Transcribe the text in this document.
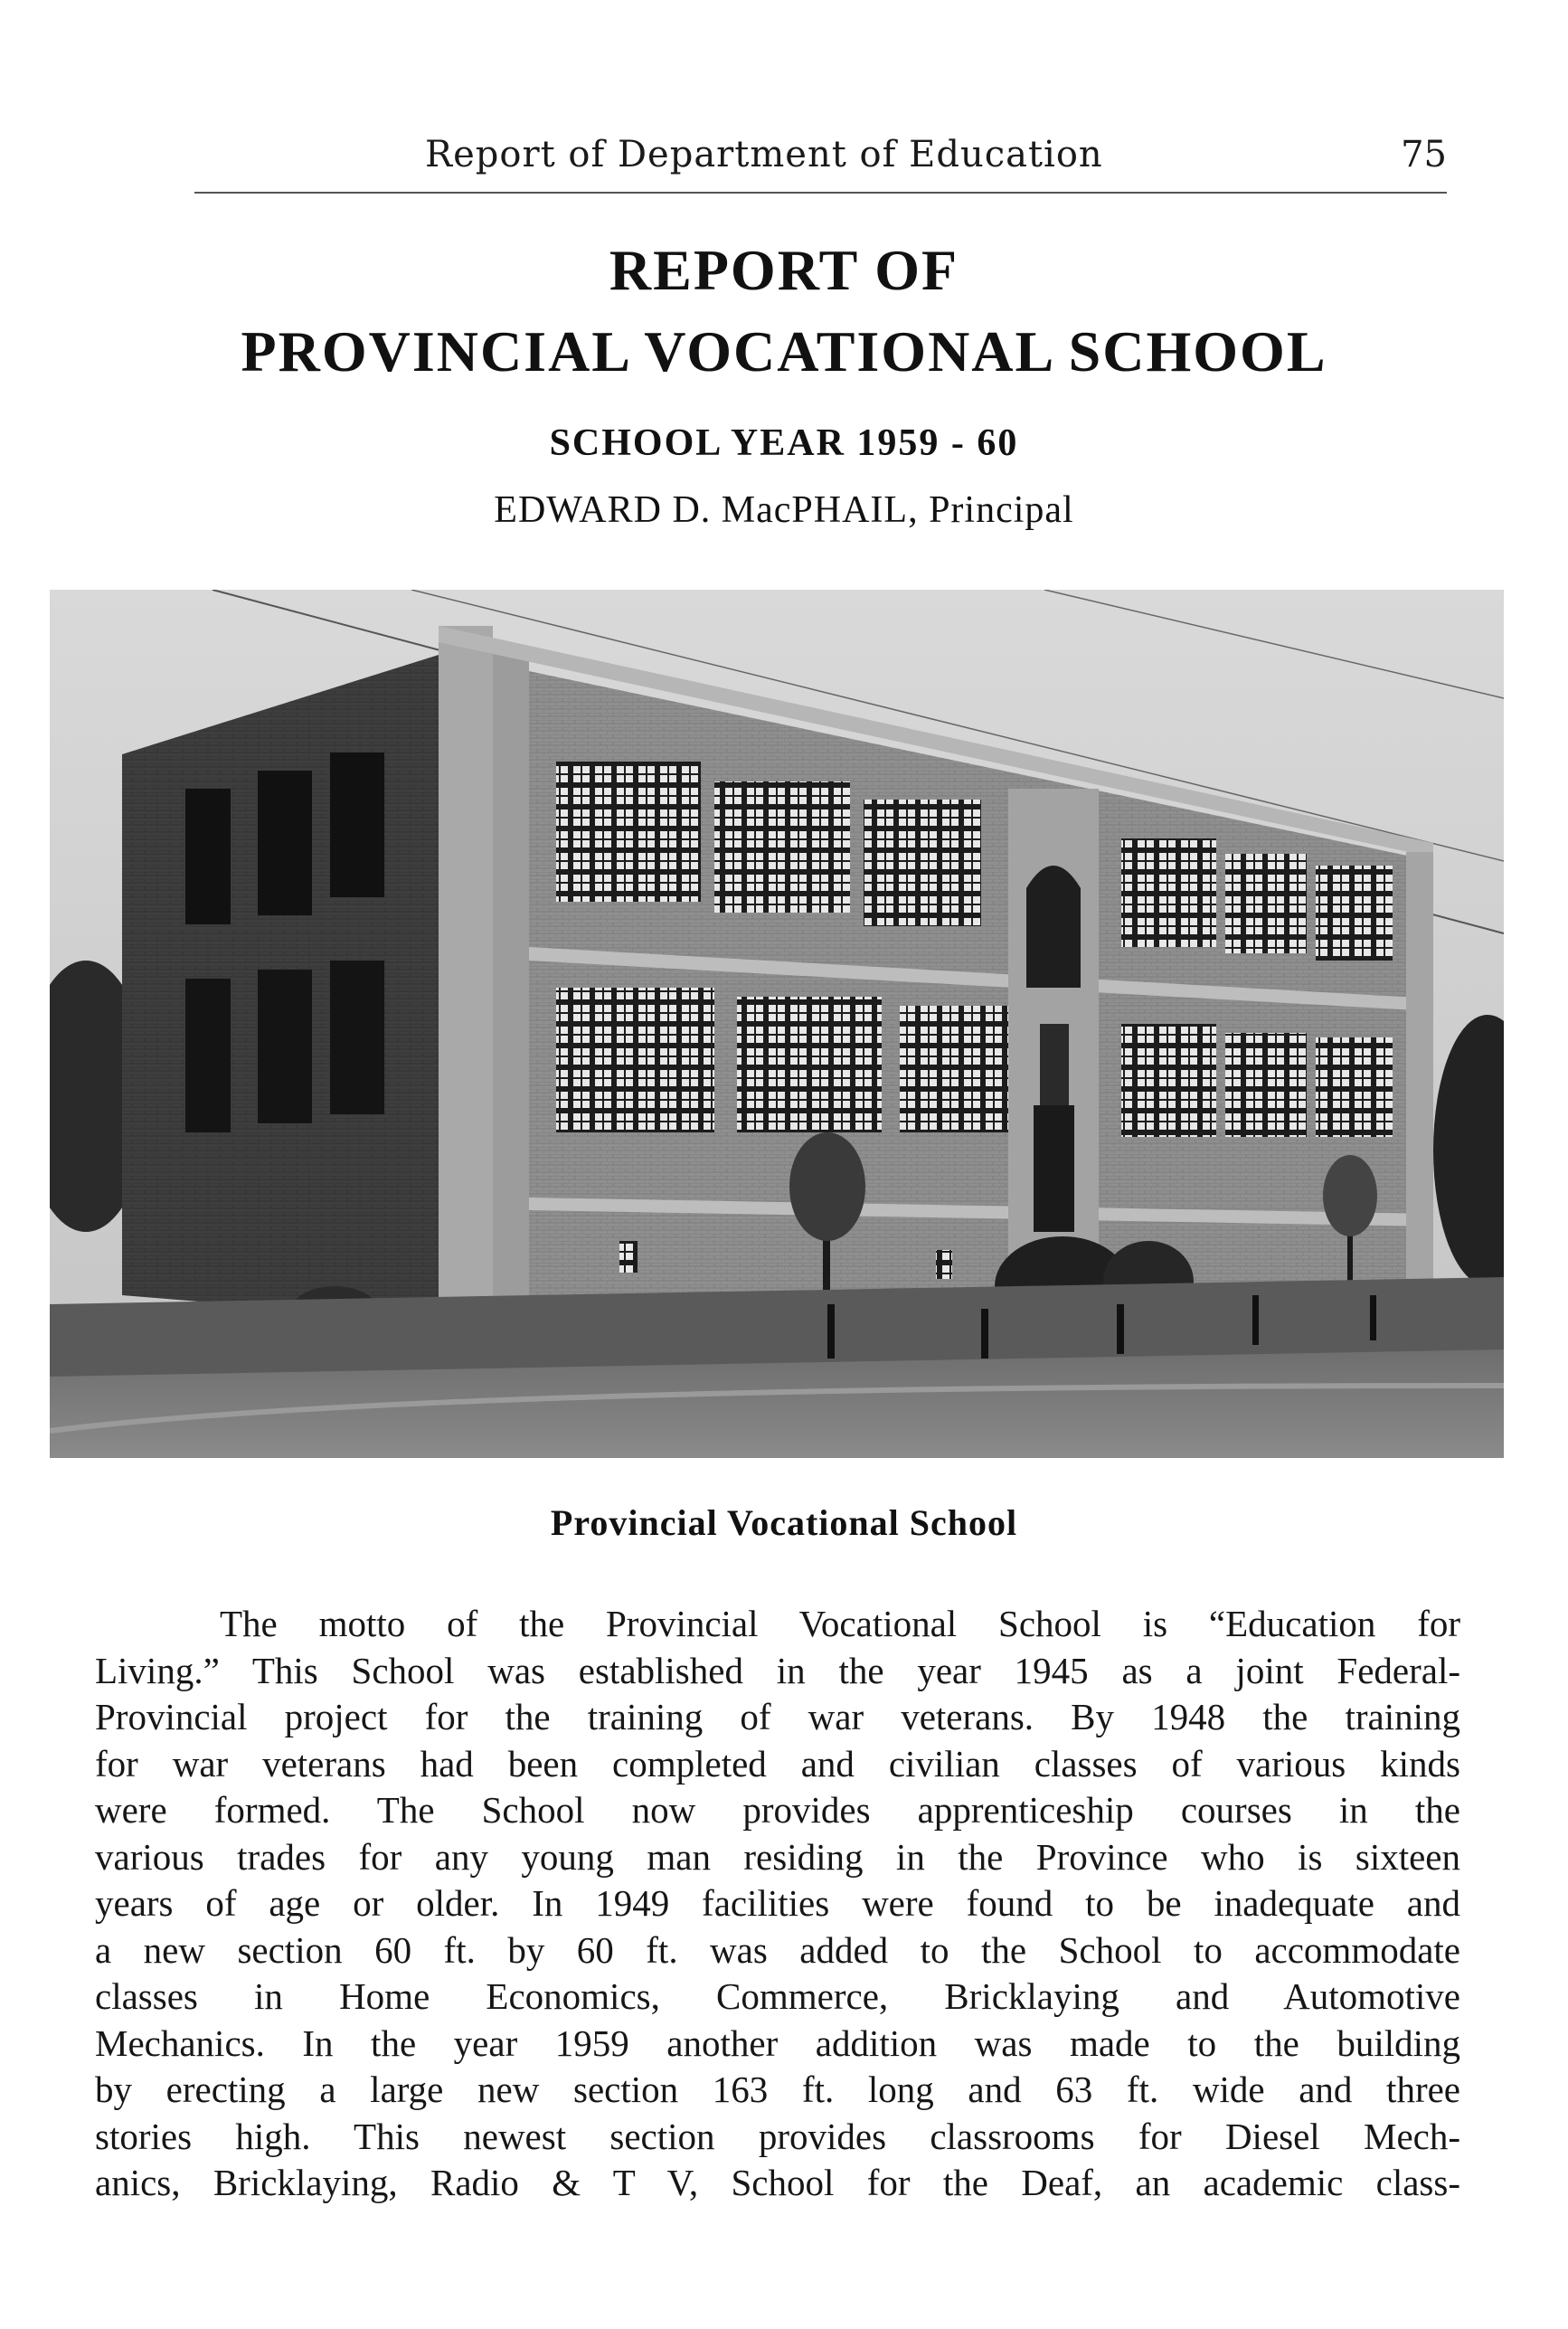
Report of Department of Education	75
REPORT OF
PROVINCIAL VOCATIONAL SCHOOL
SCHOOL YEAR 1959 - 60
EDWARD D. MacPHAIL, Principal
Provincial Vocational School
The motto of the Provincial Vocational School is “Education for
Living.” This School was established in the year 1945 as a joint Federal-
Provincial project for the training of war veterans. By 1948 the training
for war veterans had been completed and civilian classes of various kinds
were formed. The School now provides apprenticeship courses in the
various trades for any young man residing in the Province who is sixteen
years of age or older. In 1949 facilities were found to be inadequate and
a new section 60 ft. by 60 ft. was added to the School to accommodate
classes in Home Economics, Commerce, Bricklaying and Automotive
Mechanics. In the year 1959 another addition was made to the building
by erecting a large new section 163 ft. long and 63 ft. wide and three
stories high. This newest section provides classrooms for Diesel Mech-
anics, Bricklaying, Radio & T V, School for the Deaf, an academic class-
